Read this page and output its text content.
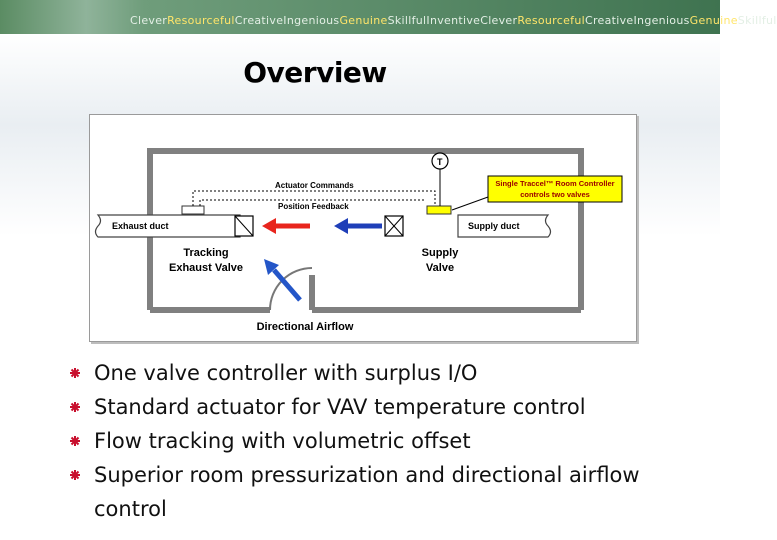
CleverResourcefulCreativeIngeniousGenuineSkillfulInventiveCleverResourcefulCreativeIngeniousGenuineSkillful
Overview
Exhaust duct	Supply duct
T
Actuator Commands
Position Feedback
Single Traccel™ Room Controller
controls two valves
Tracking
Exhaust Valve
Supply
Valve
Directional Airflow
One valve controller with surplus I/O
Standard actuator for VAV temperature control
Flow tracking with volumetric offset
Superior room pressurization and directional airflow control
